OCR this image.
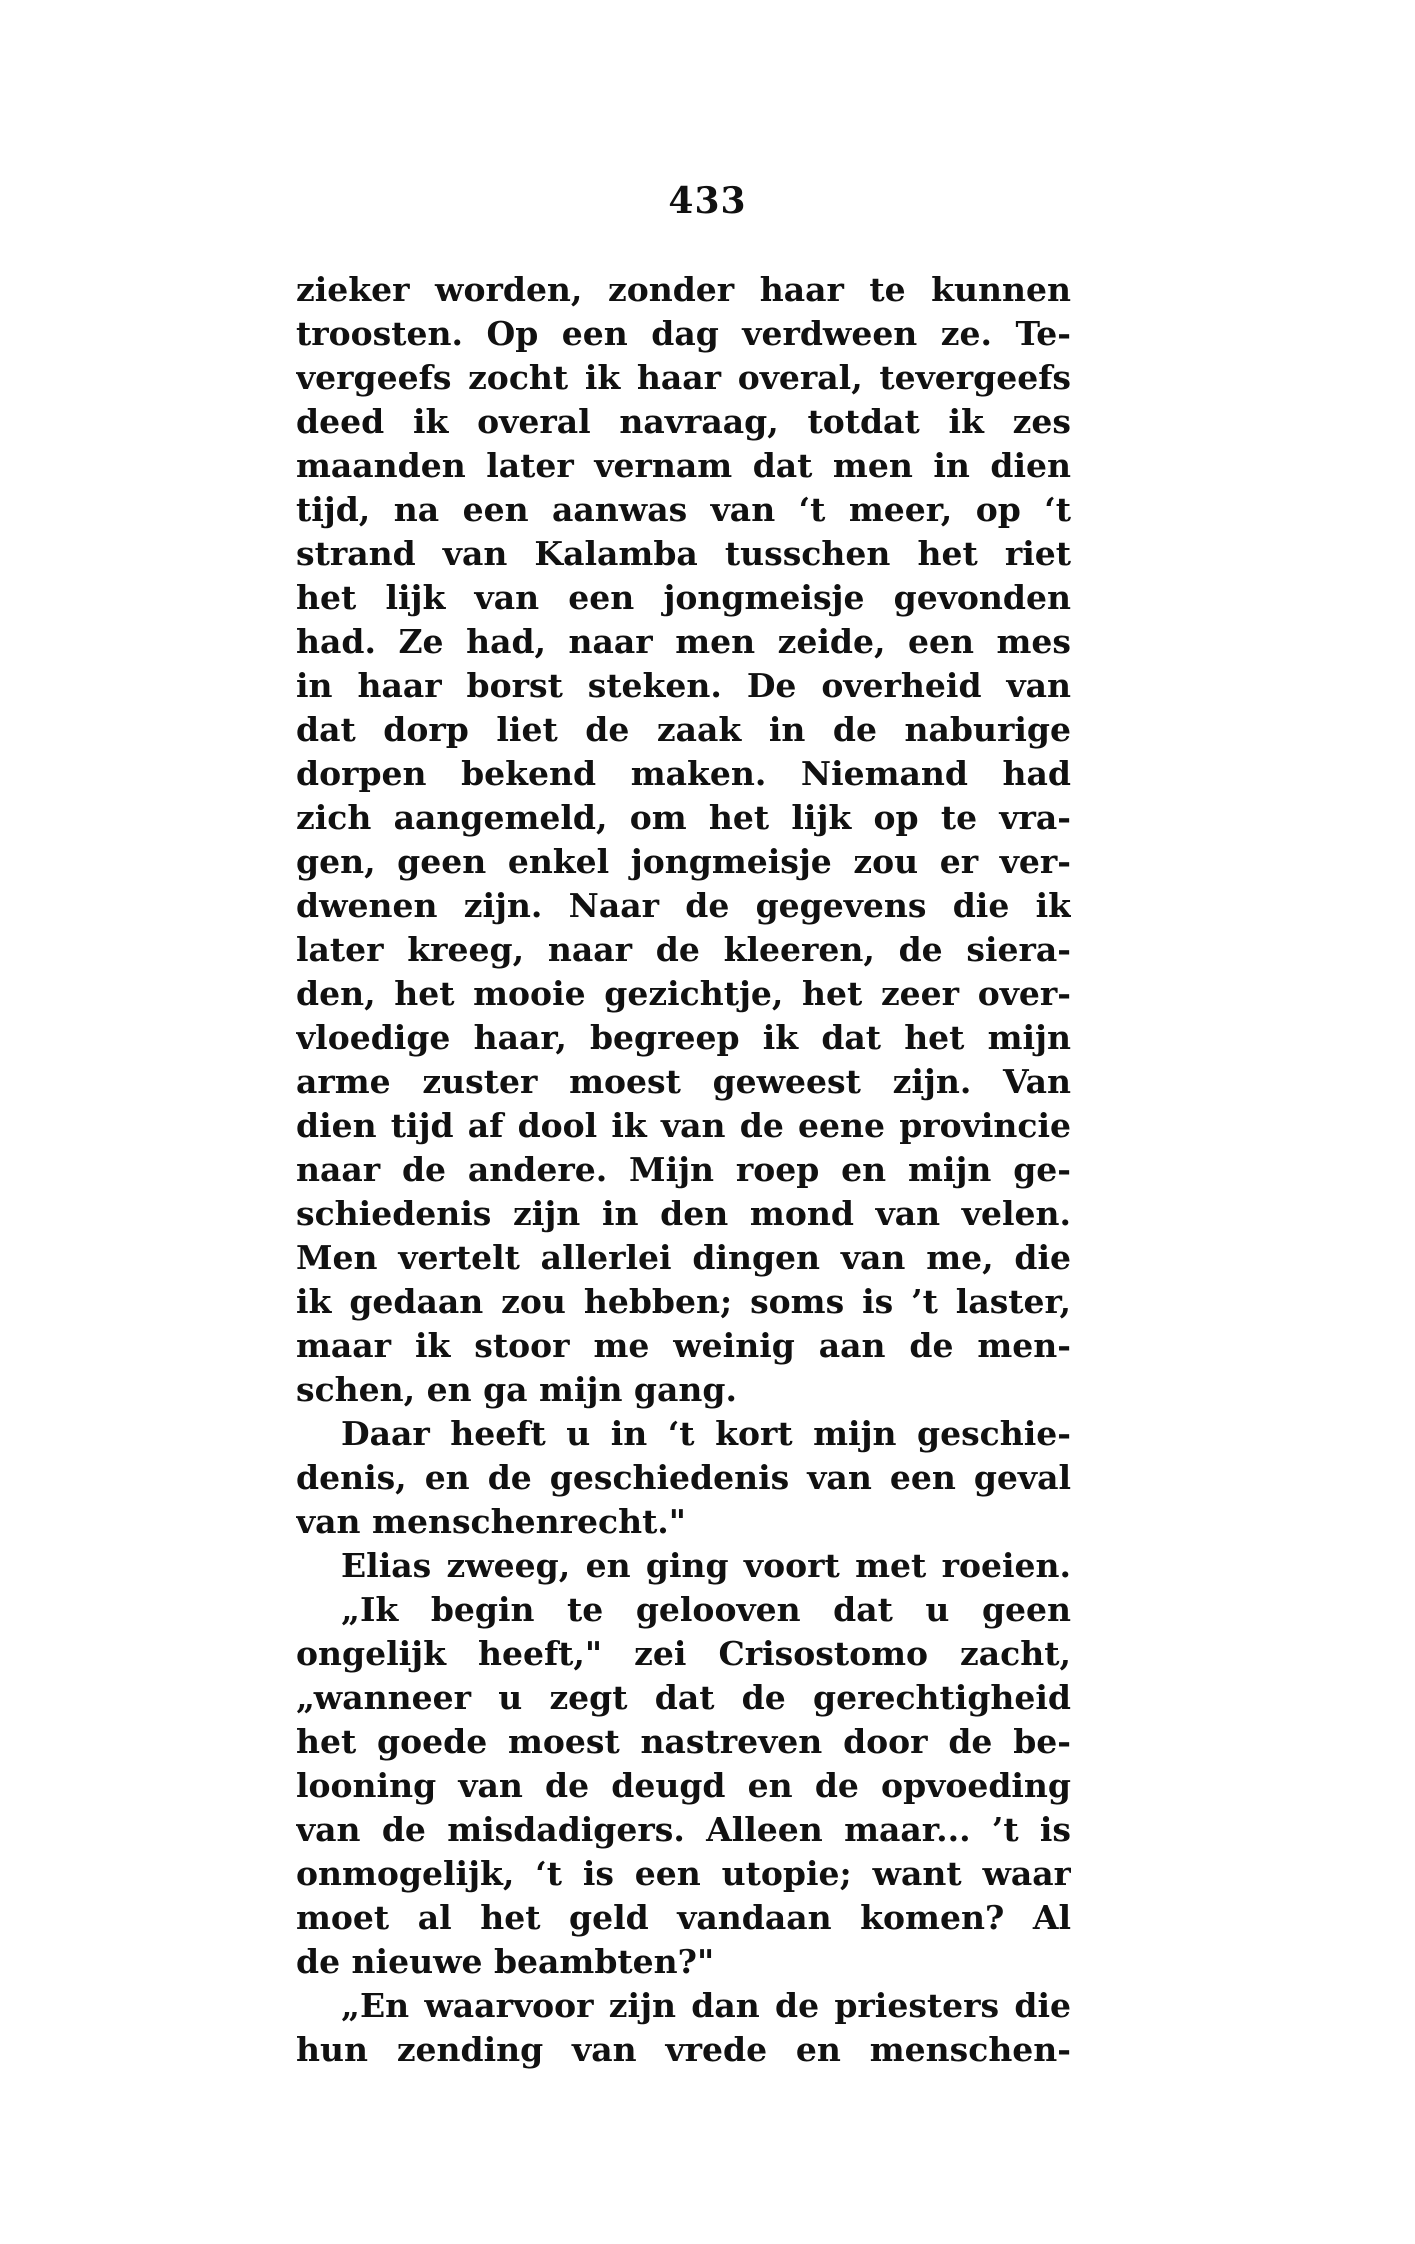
433
zieker worden, zonder haar te kunnen
troosten. Op een dag verdween ze. Te-
vergeefs zocht ik haar overal, tevergeefs
deed ik overal navraag, totdat ik zes
maanden later vernam dat men in dien
tijd, na een aanwas van ‘t meer, op ‘t
strand van Kalamba tusschen het riet
het lijk van een jongmeisje gevonden
had. Ze had, naar men zeide, een mes
in haar borst steken. De overheid van
dat dorp liet de zaak in de naburige
dorpen bekend maken. Niemand had
zich aangemeld, om het lijk op te vra-
gen, geen enkel jongmeisje zou er ver-
dwenen zijn. Naar de gegevens die ik
later kreeg, naar de kleeren, de siera-
den, het mooie gezichtje, het zeer over-
vloedige haar, begreep ik dat het mijn
arme zuster moest geweest zijn. Van
dien tijd af dool ik van de eene provincie
naar de andere. Mijn roep en mijn ge-
schiedenis zijn in den mond van velen.
Men vertelt allerlei dingen van me, die
ik gedaan zou hebben; soms is ’t laster,
maar ik stoor me weinig aan de men-
schen, en ga mijn gang.
Daar heeft u in ‘t kort mijn geschie-
denis, en de geschiedenis van een geval
van menschenrecht."
Elias zweeg, en ging voort met roeien.
„Ik begin te gelooven dat u geen
ongelijk heeft," zei Crisostomo zacht,
„wanneer u zegt dat de gerechtigheid
het goede moest nastreven door de be-
looning van de deugd en de opvoeding
van de misdadigers. Alleen maar... ’t is
onmogelijk, ‘t is een utopie; want waar
moet al het geld vandaan komen? Al
de nieuwe beambten?"
„En waarvoor zijn dan de priesters die
hun zending van vrede en menschen-
